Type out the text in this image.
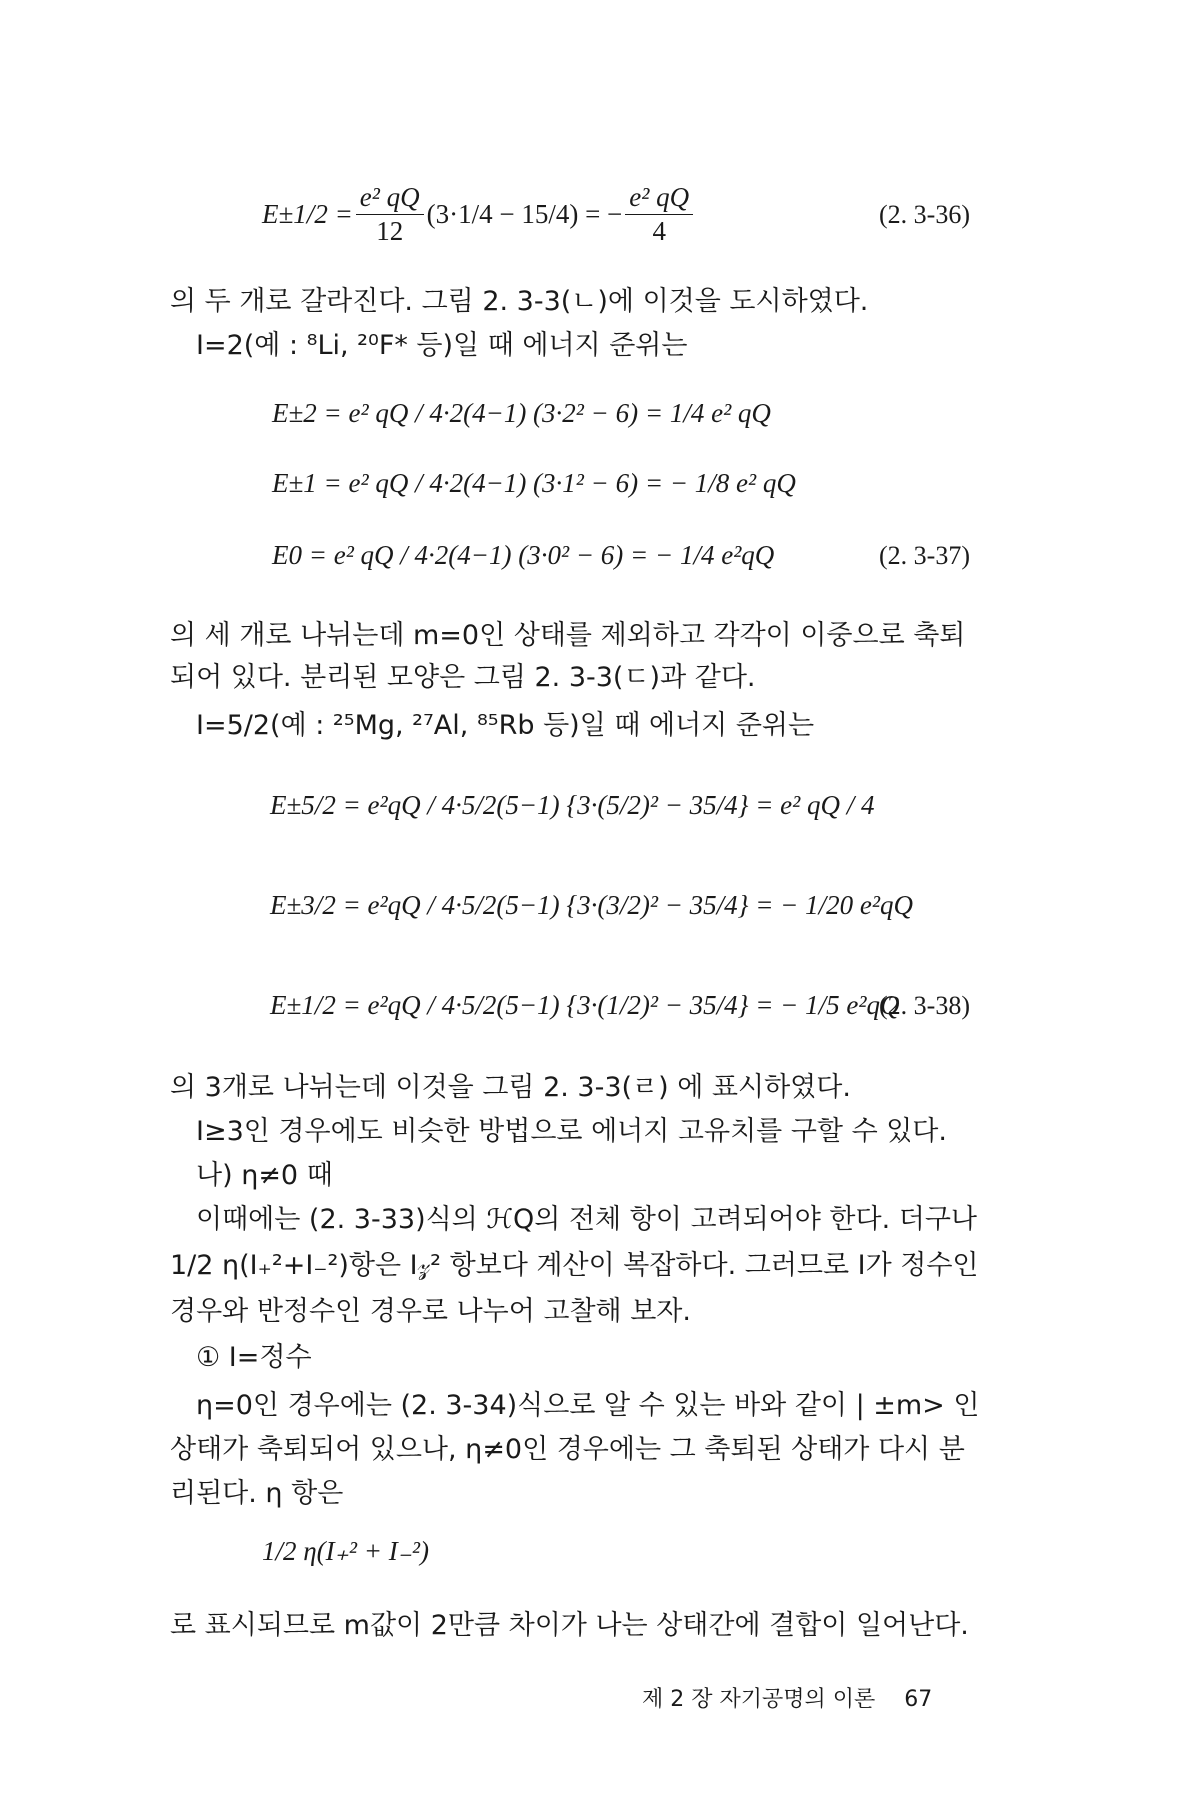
$E\pm 1/2 = \frac{\text{e² qQ}}{12} (3\cdot 1/4 - 15/4)$ = − $\frac{\text{e² qQ}}{4}$	(2. 3-36)
의 두 개로 갈라진다. 그림 2. 3-3(ㄴ)에 이것을 도시하였다.
I=2(예 : ⁸Li, ²⁰F* 등)일 때 에너지 준위는
E±2 = e² qQ / 4·2(4−1) (3·2² − 6) = 1/4 e² qQ
E±1 = e² qQ / 4·2(4−1) (3·1² − 6) = − 1/8 e² qQ
E0 = e² qQ / 4·2(4−1) (3·0² − 6) = − 1/4 e²qQ	(2. 3-37)
의 세 개로 나뉘는데 m=0인 상태를 제외하고 각각이 이중으로 축퇴
되어 있다. 분리된 모양은 그림 2. 3-3(ㄷ)과 같다.
I=5/2(예 : ²⁵Mg, ²⁷Al, ⁸⁵Rb 등)일 때 에너지 준위는
E±5/2 = e²qQ / 4·5/2(5−1) {3·(5/2)² − 35/4} = e² qQ / 4
E±3/2 = e²qQ / 4·5/2(5−1) {3·(3/2)² − 35/4} = − 1/20 e²qQ
E±1/2 = e²qQ / 4·5/2(5−1) {3·(1/2)² − 35/4} = − 1/5 e²qQ
(2. 3-38)
의 3개로 나뉘는데 이것을 그림 2. 3-3(ㄹ) 에 표시하였다.
I≥3인 경우에도 비슷한 방법으로 에너지 고유치를 구할 수 있다.
나) η≠0 때
이때에는 (2. 3-33)식의 ℋQ의 전체 항이 고려되어야 한다. 더구나
1/2 η(I₊²+I₋²)항은 I𝓏² 항보다 계산이 복잡하다. 그러므로 I가 정수인
경우와 반정수인 경우로 나누어 고찰해 보자.
① I=정수
η=0인 경우에는 (2. 3-34)식으로 알 수 있는 바와 같이 | ±m> 인
상태가 축퇴되어 있으나, η≠0인 경우에는 그 축퇴된 상태가 다시 분
리된다. η 항은
1/2 η(I₊² + I₋²)
로 표시되므로 m값이 2만큼 차이가 나는 상태간에 결합이 일어난다.
제 2 장 자기공명의 이론 67
